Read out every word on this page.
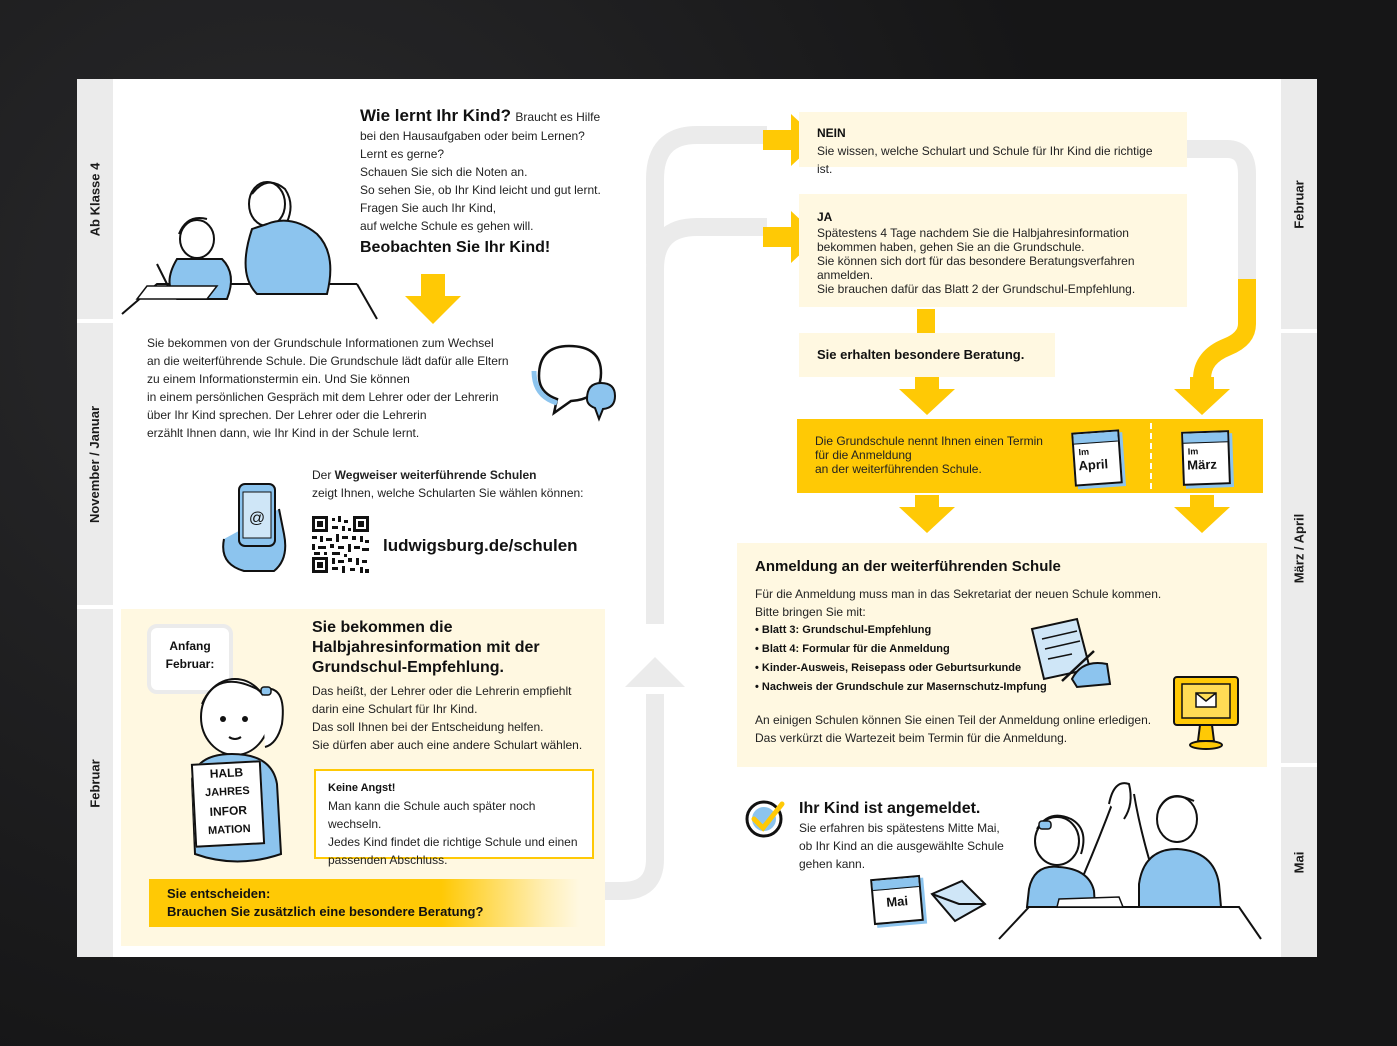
Ab Klasse 4
November / Januar
Februar
Februar
März / April
Mai
Wie lernt Ihr Kind? Braucht es Hilfe
bei den Hausaufgaben oder beim Lernen?
Lernt es gerne?
Schauen Sie sich die Noten an.
So sehen Sie, ob Ihr Kind leicht und gut lernt.
Fragen Sie auch Ihr Kind,
auf welche Schule es gehen will.
Beobachten Sie Ihr Kind!
Sie bekommen von der Grundschule Informationen zum Wechsel
an die weiterführende Schule. Die Grundschule lädt dafür alle Eltern
zu einem Informationstermin ein. Und Sie können
in einem persönlichen Gespräch mit dem Lehrer oder der Lehrerin
über Ihr Kind sprechen. Der Lehrer oder die Lehrerin
erzählt Ihnen dann, wie Ihr Kind in der Schule lernt.
@
Der Wegweiser weiterführende Schulen
zeigt Ihnen, welche Schularten Sie wählen können:
ludwigsburg.de/schulen
Anfang
Februar:
HALB
JAHRES
INFOR
MATION
Sie bekommen die
Halbjahresinformation mit der
Grundschul-Empfehlung.
Das heißt, der Lehrer oder die Lehrerin empfiehlt
darin eine Schulart für Ihr Kind.
Das soll Ihnen bei der Entscheidung helfen.
Sie dürfen aber auch eine andere Schulart wählen.
Keine Angst!
Man kann die Schule auch später noch wechseln.
Jedes Kind findet die richtige Schule und einen
passenden Abschluss.
Sie entscheiden:
Brauchen Sie zusätzlich eine besondere Beratung?
NEIN
Sie wissen, welche Schulart und Schule für Ihr Kind die richtige ist.
JA
Spätestens 4 Tage nachdem Sie die Halbjahresinformation
bekommen haben, gehen Sie an die Grundschule.
Sie können sich dort für das besondere Beratungsverfahren
anmelden.
Sie brauchen dafür das Blatt 2 der Grundschul-Empfehlung.
Sie erhalten besondere Beratung.
Die Grundschule nennt Ihnen einen Termin
für die Anmeldung
an der weiterführenden Schule.
Im
April
Im
März
Anmeldung an der weiterführenden Schule
Für die Anmeldung muss man in das Sekretariat der neuen Schule kommen.
Bitte bringen Sie mit:
• Blatt 3: Grundschul-Empfehlung
• Blatt 4: Formular für die Anmeldung
• Kinder-Ausweis, Reisepass oder Geburtsurkunde
• Nachweis der Grundschule zur Masernschutz-Impfung
An einigen Schulen können Sie einen Teil der Anmeldung online erledigen.
Das verkürzt die Wartezeit beim Termin für die Anmeldung.
Ihr Kind ist angemeldet.
Sie erfahren bis spätestens Mitte Mai,
ob Ihr Kind an die ausgewählte Schule
gehen kann.
Mai
